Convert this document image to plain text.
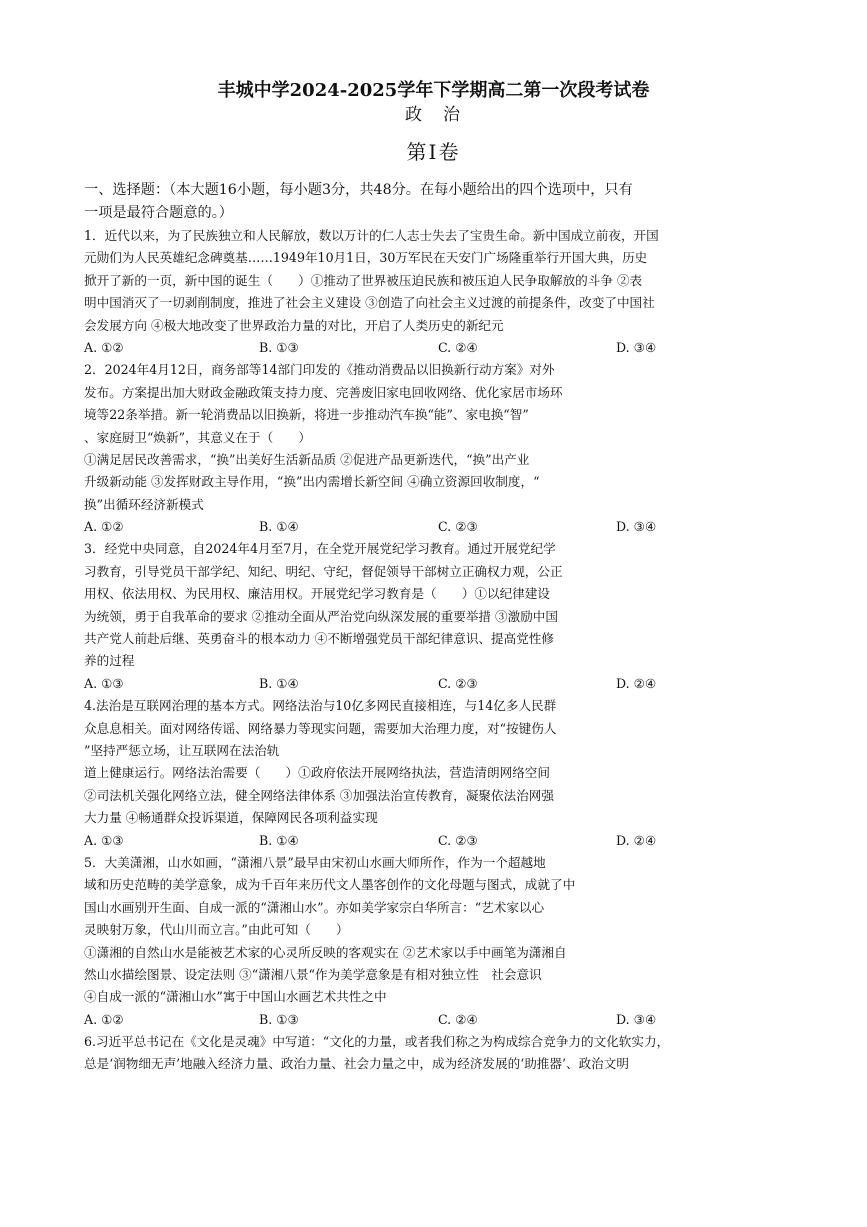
丰城中学2024-2025学年下学期高二第一次段考试卷
政　治
第Ⅰ卷
一、选择题：（本大题16小题，每小题3分，共48分。在每小题给出的四个选项中，只有
一项是最符合题意的。）
1．近代以来，为了民族独立和人民解放，数以万计的仁人志士失去了宝贵生命。新中国成立前夜，开国
元勋们为人民英雄纪念碑奠基……1949年10月1日，30万军民在天安门广场隆重举行开国大典，历史
掀开了新的一页，新中国的诞生（　　）①推动了世界被压迫民族和被压迫人民争取解放的斗争 ②表
明中国消灭了一切剥削制度，推进了社会主义建设 ③创造了向社会主义过渡的前提条件，改变了中国社
会发展方向 ④极大地改变了世界政治力量的对比，开启了人类历史的新纪元
A. ①②	B. ①③	C. ②④	D. ③④
2．2024年4月12日，商务部等14部门印发的《推动消费品以旧换新行动方案》对外
发布。方案提出加大财政金融政策支持力度、完善废旧家电回收网络、优化家居市场环
境等22条举措。新一轮消费品以旧换新，将进一步推动汽车换“能”、家电换“智”
、家庭厨卫“焕新”，其意义在于（　　）
①满足居民改善需求，“换”出美好生活新品质 ②促进产品更新迭代，“换”出产业
升级新动能 ③发挥财政主导作用，“换”出内需增长新空间 ④确立资源回收制度，“
换”出循环经济新模式
A. ①②	B. ①④	C. ②③	D. ③④
3．经党中央同意，自2024年4月至7月，在全党开展党纪学习教育。通过开展党纪学
习教育，引导党员干部学纪、知纪、明纪、守纪，督促领导干部树立正确权力观，公正
用权、依法用权、为民用权、廉洁用权。开展党纪学习教育是（　　）①以纪律建设
为统领，勇于自我革命的要求 ②推动全面从严治党向纵深发展的重要举措 ③激励中国
共产党人前赴后继、英勇奋斗的根本动力 ④不断增强党员干部纪律意识、提高党性修
养的过程
A. ①③	B. ①④	C. ②③	D. ②④
4.法治是互联网治理的基本方式。网络法治与10亿多网民直接相连，与14亿多人民群
众息息相关。面对网络传谣、网络暴力等现实问题，需要加大治理力度，对“按键伤人
”坚持严惩立场，让互联网在法治轨
道上健康运行。网络法治需要（　　）①政府依法开展网络执法，营造清朗网络空间
②司法机关强化网络立法，健全网络法律体系 ③加强法治宣传教育，凝聚依法治网强
大力量 ④畅通群众投诉渠道，保障网民各项利益实现
A. ①③	B. ①④	C. ②③	D. ②④
5．大美潇湘，山水如画，“潇湘八景”最早由宋初山水画大师所作，作为一个超越地
域和历史范畴的美学意象，成为千百年来历代文人墨客创作的文化母题与图式，成就了中
国山水画别开生面、自成一派的“潇湘山水”。亦如美学家宗白华所言：“艺术家以心
灵映射万象，代山川而立言。”由此可知（　　）
①潇湘的自然山水是能被艺术家的心灵所反映的客观实在 ②艺术家以手中画笔为潇湘自
然山水描绘图景、设定法则 ③“潇湘八景“作为美学意象是有相对独立性　社会意识
④自成一派的“潇湘山水”寓于中国山水画艺术共性之中
A. ①②	B. ①③	C. ②④	D. ③④
6.习近平总书记在《文化是灵魂》中写道：“文化的力量，或者我们称之为构成综合竞争力的文化软实力，
总是‘润物细无声’地融入经济力量、政治力量、社会力量之中，成为经济发展的‘助推器’、政治文明
